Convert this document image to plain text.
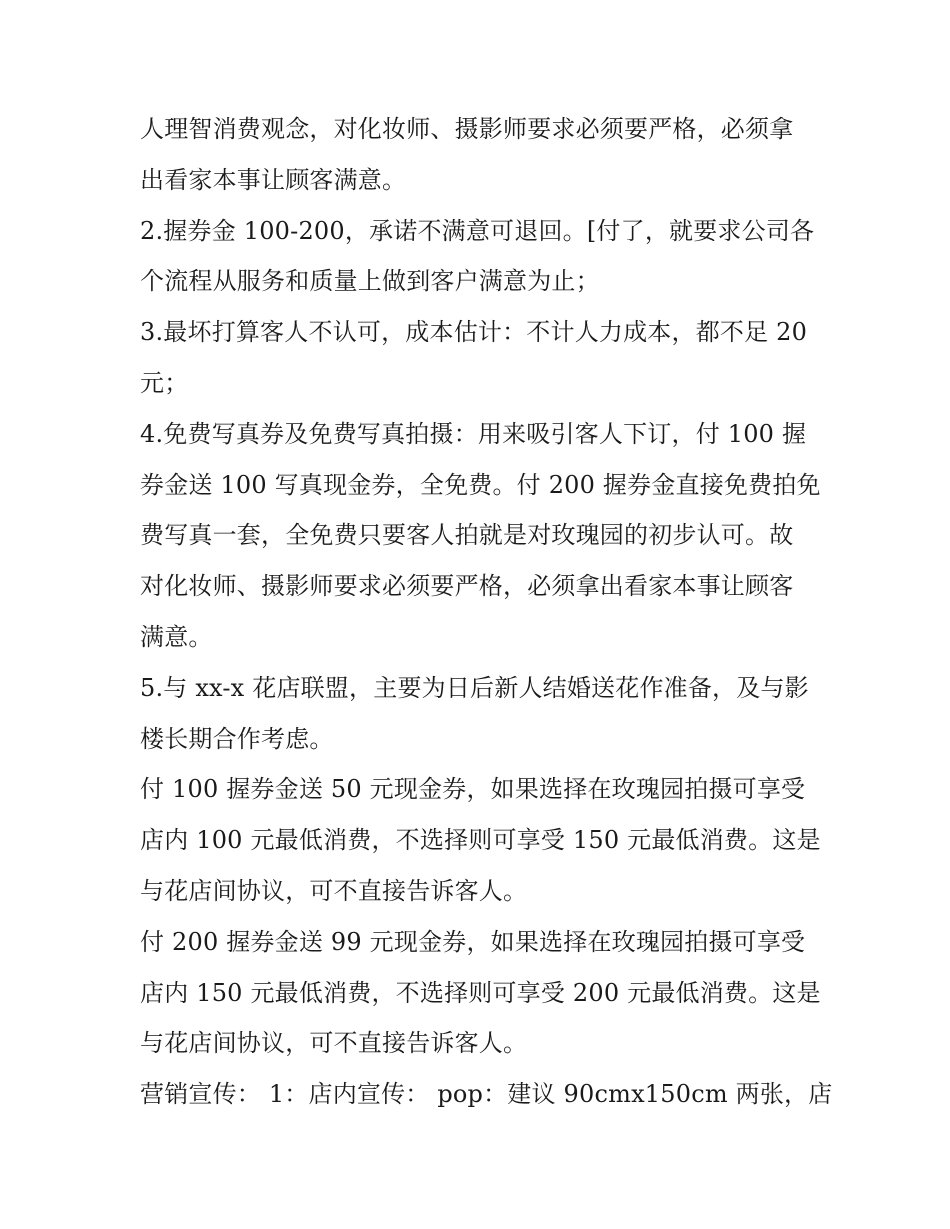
人理智消费观念，对化妆师、摄影师要求必须要严格，必须拿
出看家本事让顾客满意。
2.握券金 100-200，承诺不满意可退回。[付了，就要求公司各
个流程从服务和质量上做到客户满意为止；
3.最坏打算客人不认可，成本估计：不计人力成本，都不足 20
元；
4.免费写真券及免费写真拍摄：用来吸引客人下订，付 100 握
券金送 100 写真现金券，全免费。付 200 握券金直接免费拍免
费写真一套，全免费只要客人拍就是对玫瑰园的初步认可。故
对化妆师、摄影师要求必须要严格，必须拿出看家本事让顾客
满意。
5.与 xx-x 花店联盟，主要为日后新人结婚送花作准备，及与影
楼长期合作考虑。
付 100 握券金送 50 元现金券，如果选择在玫瑰园拍摄可享受
店内 100 元最低消费，不选择则可享受 150 元最低消费。这是
与花店间协议，可不直接告诉客人。
付 200 握券金送 99 元现金券，如果选择在玫瑰园拍摄可享受
店内 150 元最低消费，不选择则可享受 200 元最低消费。这是
与花店间协议，可不直接告诉客人。
营销宣传： 1：店内宣传： pop：建议 90cmx150cm 两张，店
